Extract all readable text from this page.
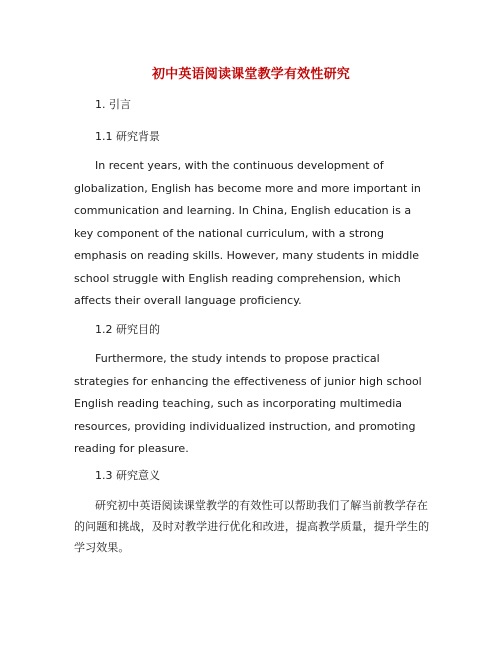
初中英语阅读课堂教学有效性研究
1. 引言
1.1 研究背景

In recent years, with the continuous development of globalization, English has become more and more important in communication and learning. In China, English education is a key component of the national curriculum, with a strong emphasis on reading skills. However, many students in middle school struggle with English reading comprehension, which affects their overall language proficiency.

1.2 研究目的

Furthermore, the study intends to propose practical strategies for enhancing the effectiveness of junior high school English reading teaching, such as incorporating multimedia resources, providing individualized instruction, and promoting reading for pleasure.

1.3 研究意义

研究初中英语阅读课堂教学的有效性可以帮助我们了解当前教学存在的问题和挑战，及时对教学进行优化和改进，提高教学质量，提升学生的学习效果。
